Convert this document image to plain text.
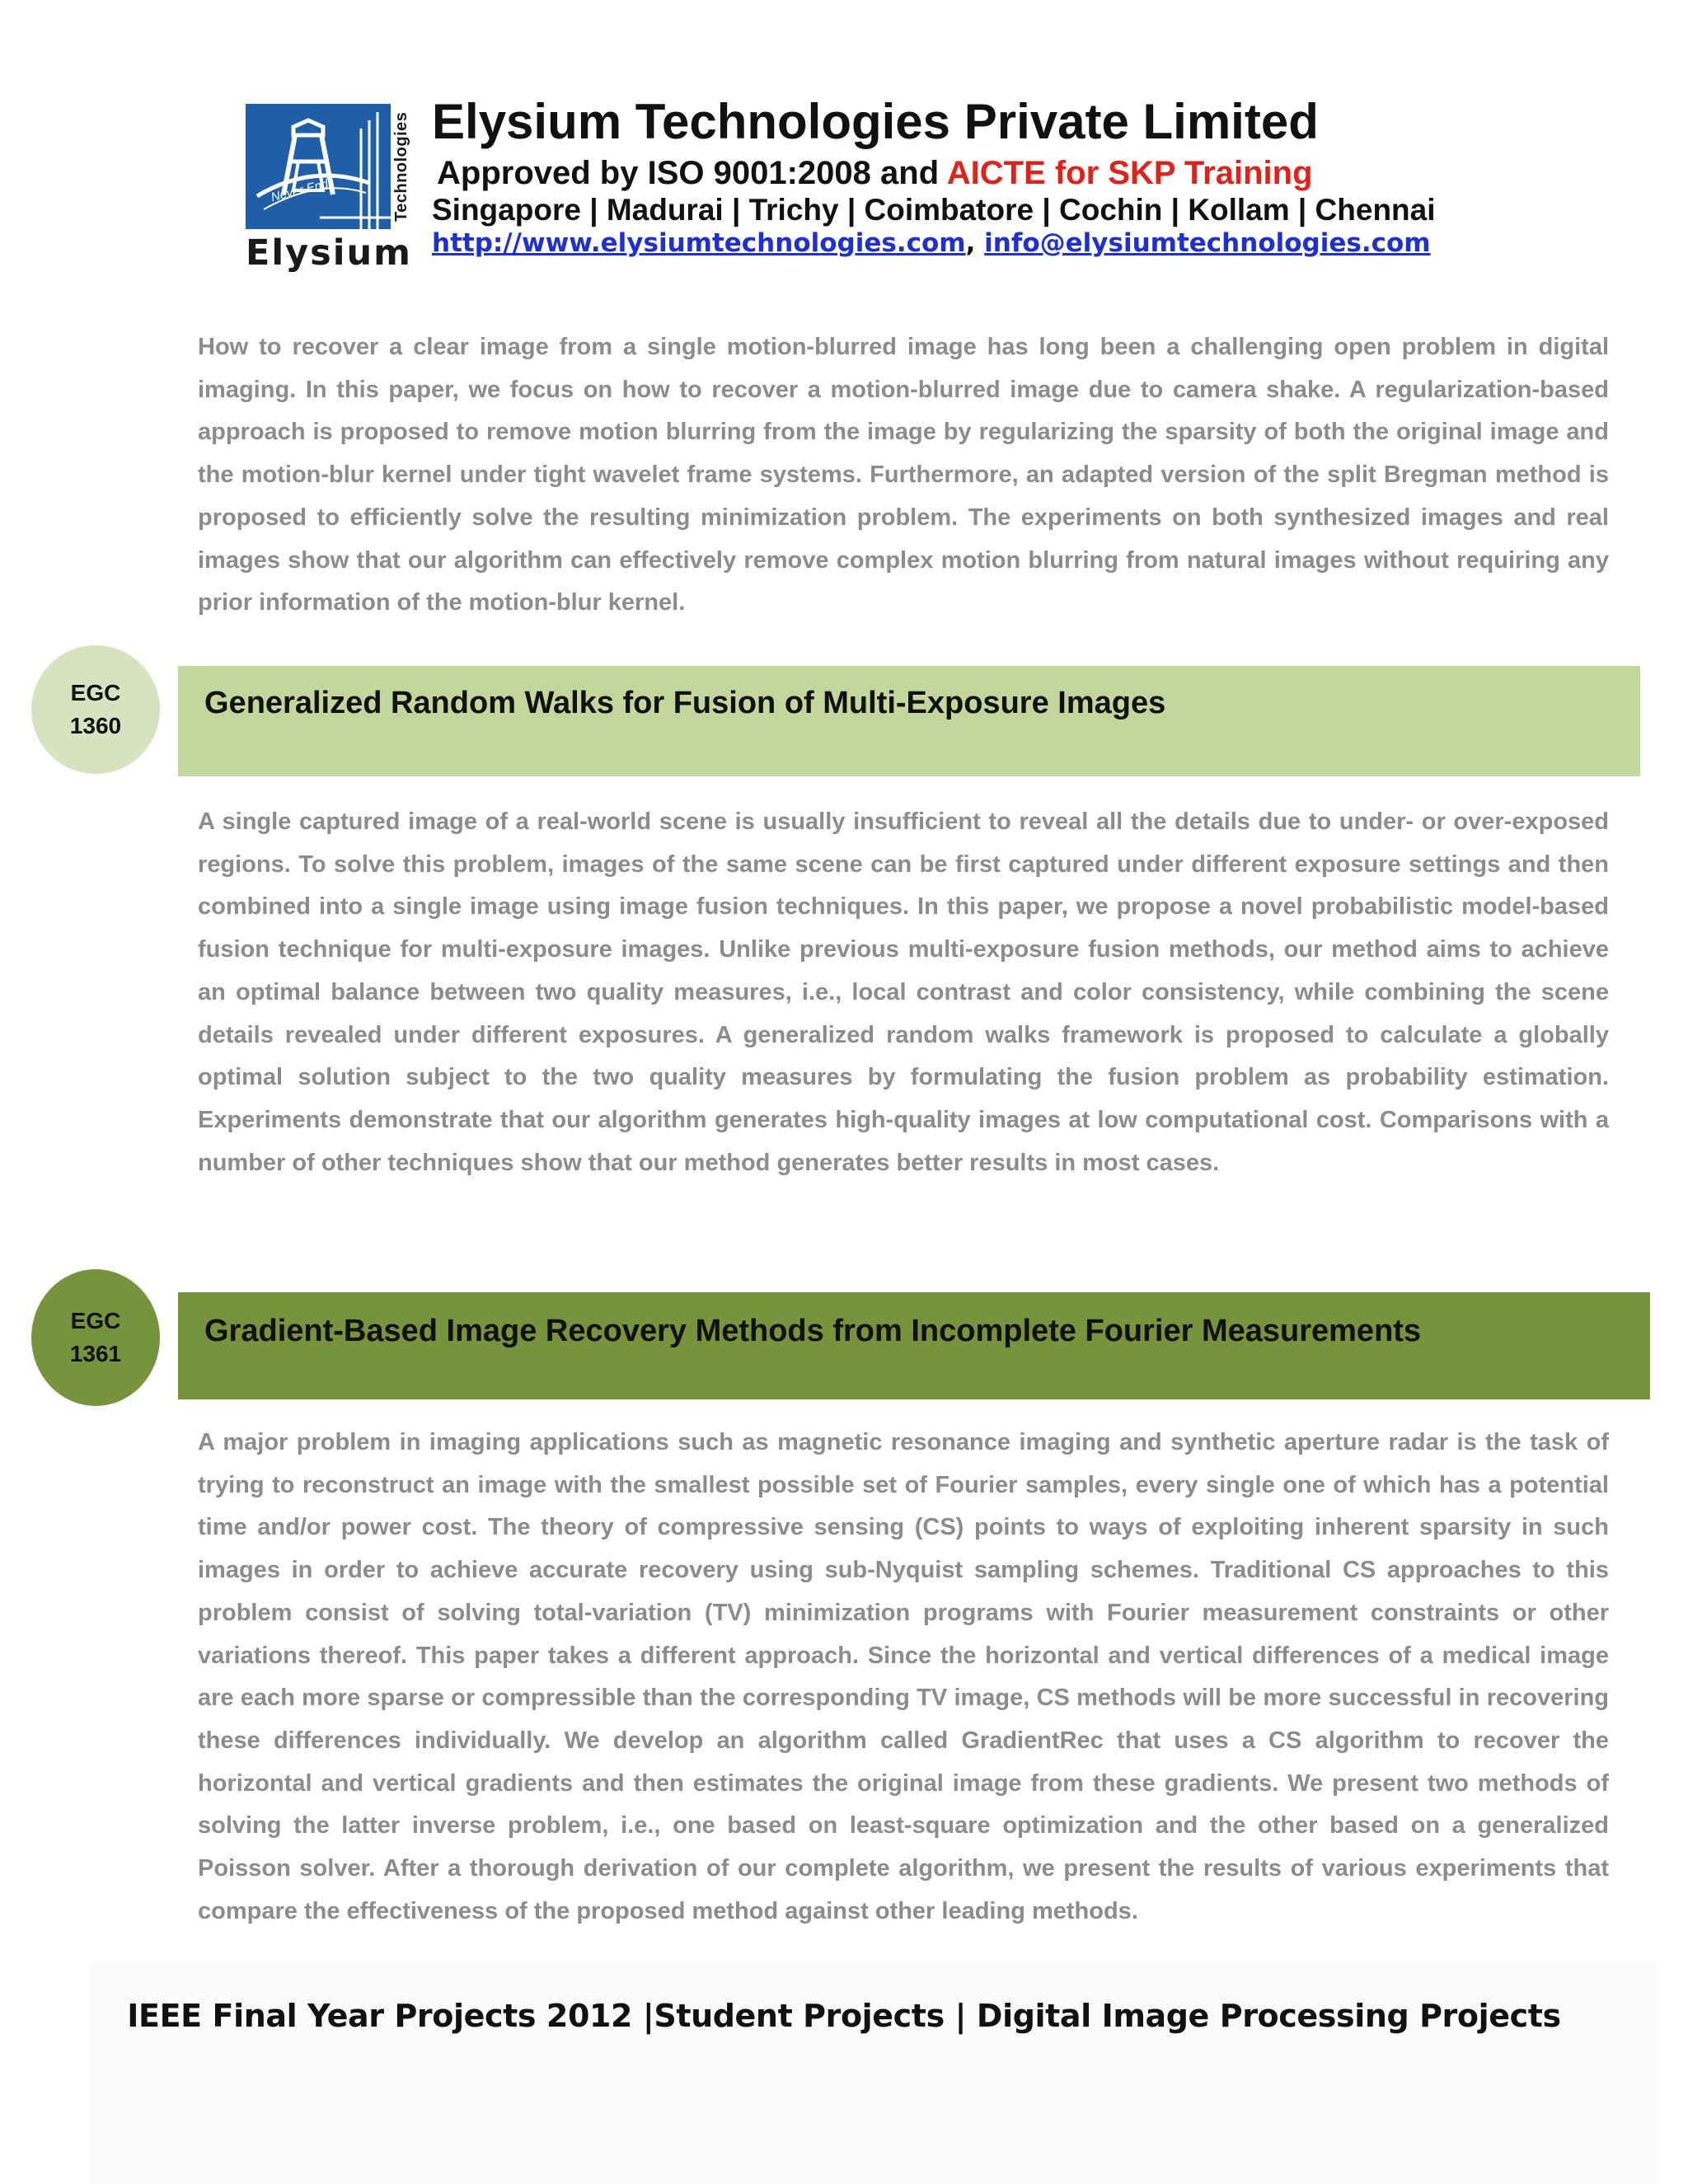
Never Ends	Technologies
Elysium
Elysium Technologies Private Limited
Approved by ISO 9001:2008 and AICTE for SKP Training
Singapore | Madurai | Trichy | Coimbatore | Cochin | Kollam | Chennai
http://www.elysiumtechnologies.com, info@elysiumtechnologies.com

How to recover a clear image from a single motion-blurred image has long been a challenging open problem in digital imaging. In this paper, we focus on how to recover a motion-blurred image due to camera shake. A regularization-based approach is proposed to remove motion blurring from the image by regularizing the sparsity of both the original image and the motion-blur kernel under tight wavelet frame systems. Furthermore, an adapted version of the split Bregman method is proposed to efficiently solve the resulting minimization problem. The experiments on both synthesized images and real images show that our algorithm can effectively remove complex motion blurring from natural images without requiring any prior information of the motion-blur kernel.

EGC
1360
Generalized Random Walks for Fusion of Multi-Exposure Images

A single captured image of a real-world scene is usually insufficient to reveal all the details due to under- or over-exposed regions. To solve this problem, images of the same scene can be first captured under different exposure settings and then combined into a single image using image fusion techniques. In this paper, we propose a novel probabilistic model-based fusion technique for multi-exposure images. Unlike previous multi-exposure fusion methods, our method aims to achieve an optimal balance between two quality measures, i.e., local contrast and color consistency, while combining the scene details revealed under different exposures. A generalized random walks framework is proposed to calculate a globally optimal solution subject to the two quality measures by formulating the fusion problem as probability estimation. Experiments demonstrate that our algorithm generates high-quality images at low computational cost. Comparisons with a number of other techniques show that our method generates better results in most cases.

EGC
1361
Gradient-Based Image Recovery Methods from Incomplete Fourier Measurements

A major problem in imaging applications such as magnetic resonance imaging and synthetic aperture radar is the task of trying to reconstruct an image with the smallest possible set of Fourier samples, every single one of which has a potential time and/or power cost. The theory of compressive sensing (CS) points to ways of exploiting inherent sparsity in such images in order to achieve accurate recovery using sub-Nyquist sampling schemes. Traditional CS approaches to this problem consist of solving total-variation (TV) minimization programs with Fourier measurement constraints or other variations thereof. This paper takes a different approach. Since the horizontal and vertical differences of a medical image are each more sparse or compressible than the corresponding TV image, CS methods will be more successful in recovering these differences individually. We develop an algorithm called GradientRec that uses a CS algorithm to recover the horizontal and vertical gradients and then estimates the original image from these gradients. We present two methods of solving the latter inverse problem, i.e., one based on least-square optimization and the other based on a generalized Poisson solver. After a thorough derivation of our complete algorithm, we present the results of various experiments that compare the effectiveness of the proposed method against other leading methods.

IEEE Final Year Projects 2012 |Student Projects | Digital Image Processing Projects
